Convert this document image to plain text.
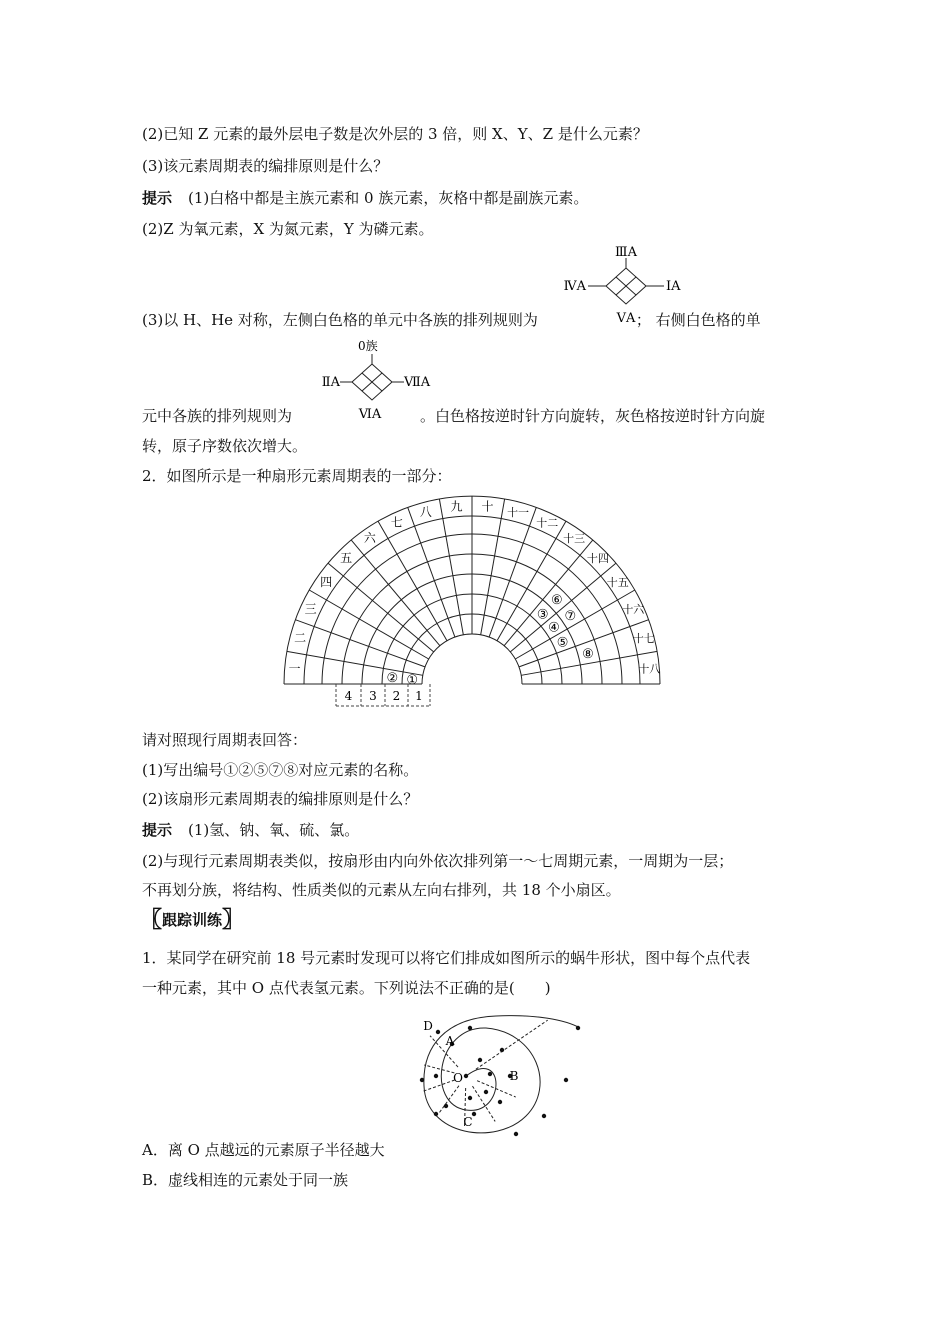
(2)已知 Z 元素的最外层电子数是次外层的 3 倍，则 X、Y、Z 是什么元素？
(3)该元素周期表的编排原则是什么？
提示 (1)白格中都是主族元素和 0 族元素，灰格中都是副族元素。
(2)Z 为氧元素，X 为氮元素，Y 为磷元素。
ⅢA
ⅣA	ⅠA
ⅤA
(3)以 H、He 对称，左侧白色格的单元中各族的排列规则为	； 右侧白色格的单
0族
ⅡA	ⅦA
ⅥA
元中各族的排列规则为	。白色格按逆时针方向旋转，灰色格按逆时针方向旋
转，原子序数依次增大。
2．如图所示是一种扇形元素周期表的一部分：
一
二
三
四
五
六
七
八 九 十 十一
十二
十三
十四
十五
十六
十七
十八
①
②
③
④
⑤
⑥
⑦
⑧
4 3 2 1
请对照现行周期表回答：
(1)写出编号①②⑤⑦⑧对应元素的名称。
(2)该扇形元素周期表的编排原则是什么？
提示 (1)氢、钠、氧、硫、氯。
(2)与现行元素周期表类似，按扇形由内向外依次排列第一～七周期元素，一周期为一层；
不再划分族，将结构、性质类似的元素从左向右排列，共 18 个小扇区。
〖跟踪训练〗
1．某同学在研究前 18 号元素时发现可以将它们排成如图所示的蜗牛形状，图中每个点代表
一种元素，其中 O 点代表氢元素。下列说法不正确的是(　　)
D
A
O	B
C
A．离 O 点越远的元素原子半径越大
B．虚线相连的元素处于同一族
